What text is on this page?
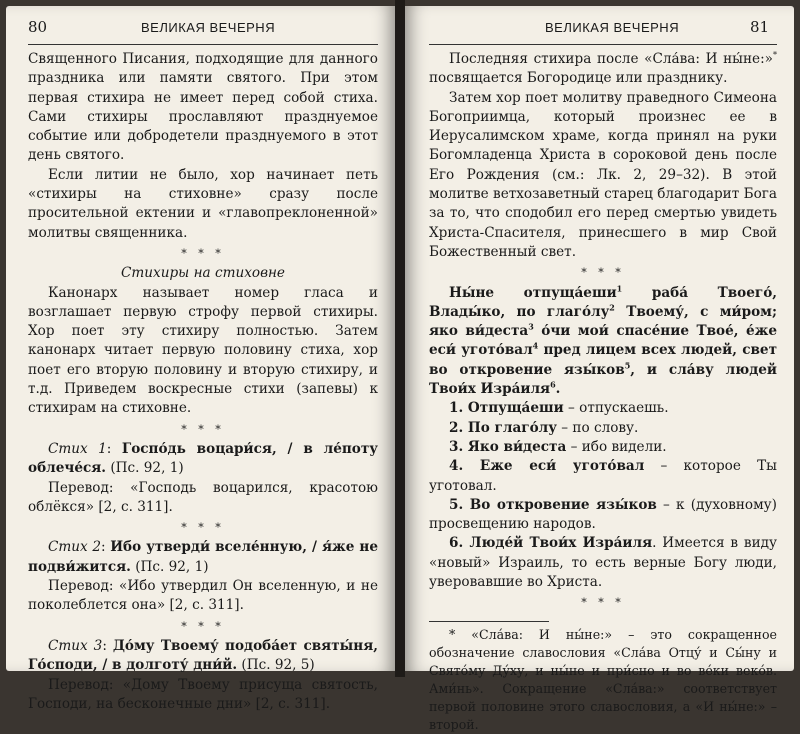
80	ВЕЛИКАЯ ВЕЧЕРНЯ

Священного Писания, подходящие для данного праздника или памяти святого. При этом первая стихира не имеет перед собой стиха. Сами стихиры прославляют празднуемое событие или добродетели празднуемого в этот день святого.

Если литии не было, хор начинает петь «стихиры на стиховне» сразу после просительной ектении и «главопреклоненной» молитвы священника.

* * *

Стихиры на стиховне

Канонарх называет номер гласа и возглашает первую строфу первой стихиры. Хор поет эту стихиру полностью. Затем канонарх читает первую половину стиха, хор поет его вторую половину и вторую стихиру, и т.д. Приведем воскресные стихи (запевы) к стихирам на стиховне.

* * *

Стих 1: Госпо́дь воцари́ся, / в ле́поту облече́ся. (Пс. 92, 1)

Перевод: «Господь воцарился, красотою облёкся» [2, с. 311].

* * *

Стих 2: Ибо утверди́ вселе́нную, / я́же не подви́жится. (Пс. 92, 1)

Перевод: «Ибо утвердил Он вселенную, и не поколеблется она» [2, с. 311].

* * *

Стих 3: До́му Твоему́ подоба́ет святы́ня, Го́споди, / в долготу́ дни́й. (Пс. 92, 5)

Перевод: «Дому Твоему присуща святость, Господи, на бесконечные дни» [2, с. 311].

ВЕЛИКАЯ ВЕЧЕРНЯ	81

Последняя стихира после «Сла́ва: И ны́не:»* посвящается Богородице или празднику.

Затем хор поет молитву праведного Симеона Богоприимца, который произнес ее в Иерусалимском храме, когда принял на руки Богомладенца Христа в сороковой день после Его Рождения (см.: Лк. 2, 29–32). В этой молитве ветхозаветный старец благодарит Бога за то, что сподобил его перед смертью увидеть Христа-Спасителя, принесшего в мир Свой Божественный свет.

* * *

Ны́не отпуща́еши$^1$ раба́ Твоего́, Влады́ко, по $глаго́лу^2$ Твоему́, с ми́ром; яко ви́деста$^3$ о́чи мои́ спасе́ние Твое́, е́же еси́ угото́вал$^4$ пред лицем всех людей, свет во откровение язы́ков$^5$, и сла́ву людей Твои́х Изра́иля$^6$.

1. Отпуща́еши – отпускаешь.

2. По глаго́лу – по слову.

3. Яко ви́деста – ибо видели.

4. Еже еси́ угото́вал – которое Ты уготовал.

5. Во откровение язы́ков – к (духовному) просвещению народов.

6. Люде́й Твои́х Изра́иля. Имеется в виду «новый» Израиль, то есть верные Богу люди, уверовавшие во Христа.

* * *

* «Сла́ва: И ны́не:» – это сокращенное обозначение славословия «Сла́ва Отцу́ и Сы́ну и Свято́му Ду́ху, и ны́не и при́сно и во ве́ки веко́в. Ами́нь». Сокращение «Сла́ва:» соответствует первой половине этого славословия, а «И ны́не:» – второй.
